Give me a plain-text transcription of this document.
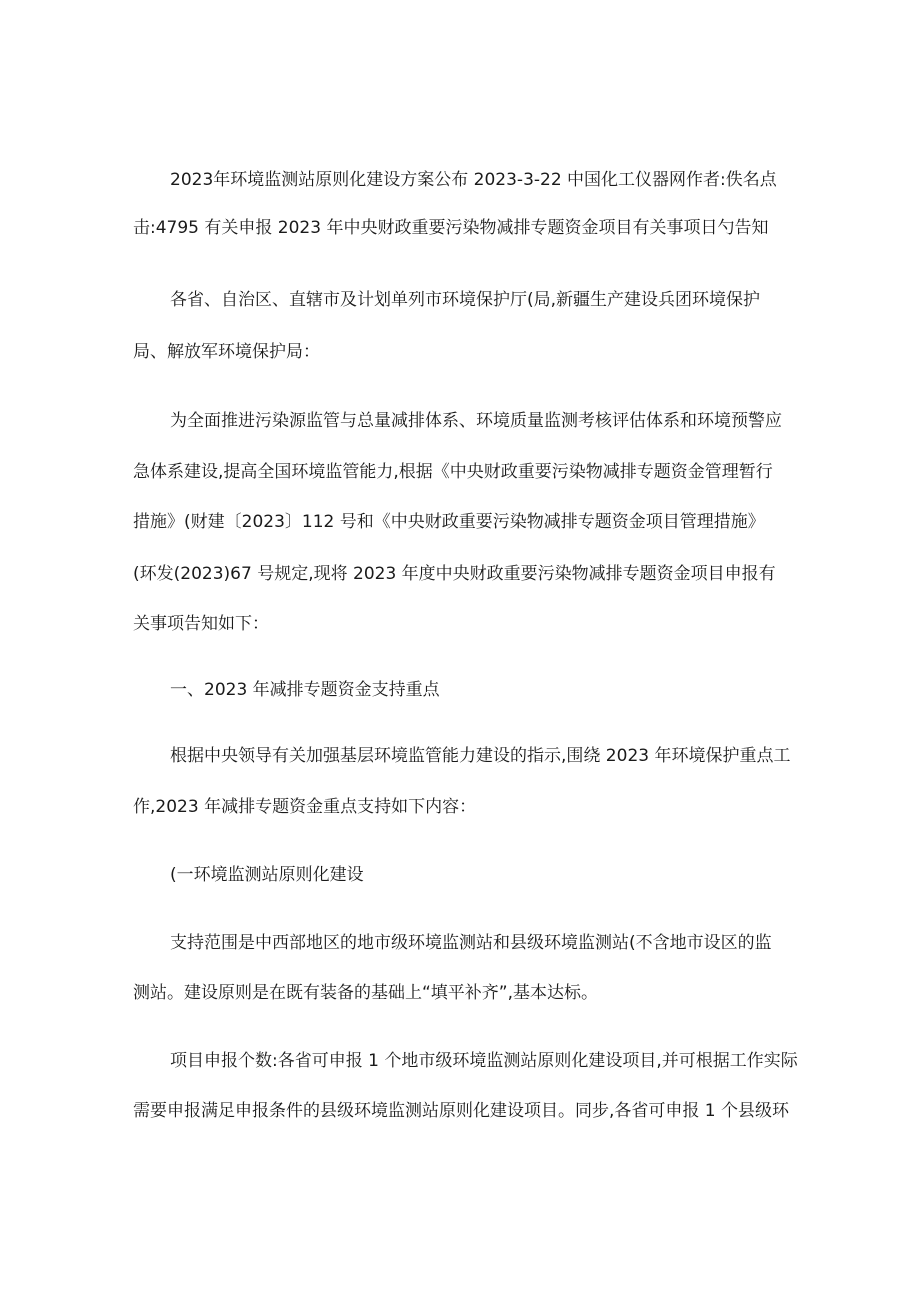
2023年环境监测站原则化建设方案公布 2023-3-22 中国化工仪器网作者:佚名点
击:4795 有关申报 2023 年中央财政重要污染物减排专题资金项目有关事项日勺告知
各省、自治区、直辖市及计划单列市环境保护厅(局,新疆生产建设兵团环境保护
局、解放军环境保护局：
为全面推进污染源监管与总量减排体系、环境质量监测考核评估体系和环境预警应
急体系建设,提高全国环境监管能力,根据《中央财政重要污染物减排专题资金管理暂行
措施》(财建〔2023〕112 号和《中央财政重要污染物减排专题资金项目管理措施》
(环发(2023)67 号规定,现将 2023 年度中央财政重要污染物减排专题资金项目申报有
关事项告知如下：
一、2023 年减排专题资金支持重点
根据中央领导有关加强基层环境监管能力建设的指示,围绕 2023 年环境保护重点工
作,2023 年减排专题资金重点支持如下内容：
(一环境监测站原则化建设
支持范围是中西部地区的地市级环境监测站和县级环境监测站(不含地市设区的监
测站。建设原则是在既有装备的基础上“填平补齐”,基本达标。
项目申报个数:各省可申报 1 个地市级环境监测站原则化建设项目,并可根据工作实际
需要申报满足申报条件的县级环境监测站原则化建设项目。同步,各省可申报 1 个县级环
